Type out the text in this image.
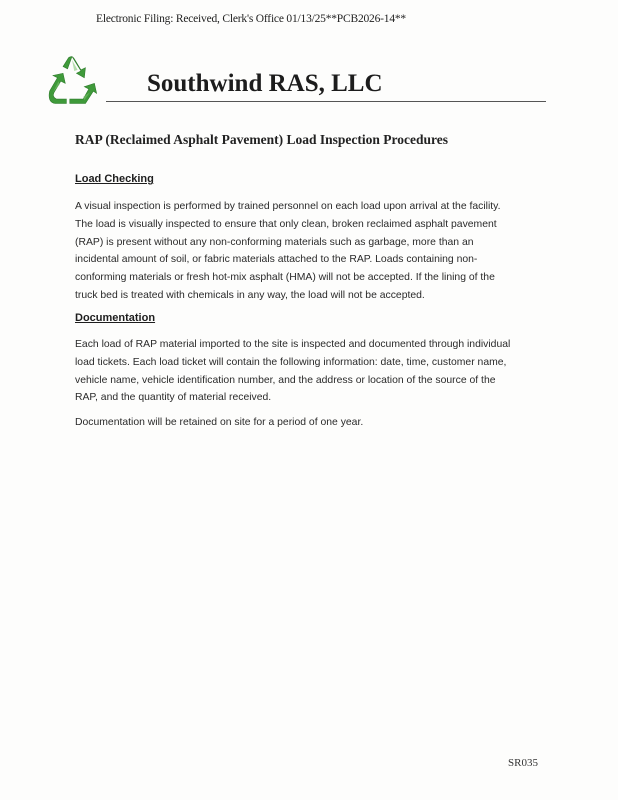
Electronic Filing: Received, Clerk's Office 01/13/25**PCB2026-14**
Southwind RAS, LLC
RAP (Reclaimed Asphalt Pavement) Load Inspection Procedures
Load Checking
A visual inspection is performed by trained personnel on each load upon arrival at the facility.
The load is visually inspected to ensure that only clean, broken reclaimed asphalt pavement
(RAP) is present without any non-conforming materials such as garbage, more than an
incidental amount of soil, or fabric materials attached to the RAP. Loads containing non-
conforming materials or fresh hot-mix asphalt (HMA) will not be accepted. If the lining of the
truck bed is treated with chemicals in any way, the load will not be accepted.
Documentation
Each load of RAP material imported to the site is inspected and documented through individual
load tickets. Each load ticket will contain the following information: date, time, customer name,
vehicle name, vehicle identification number, and the address or location of the source of the
RAP, and the quantity of material received.
Documentation will be retained on site for a period of one year.
SR035
